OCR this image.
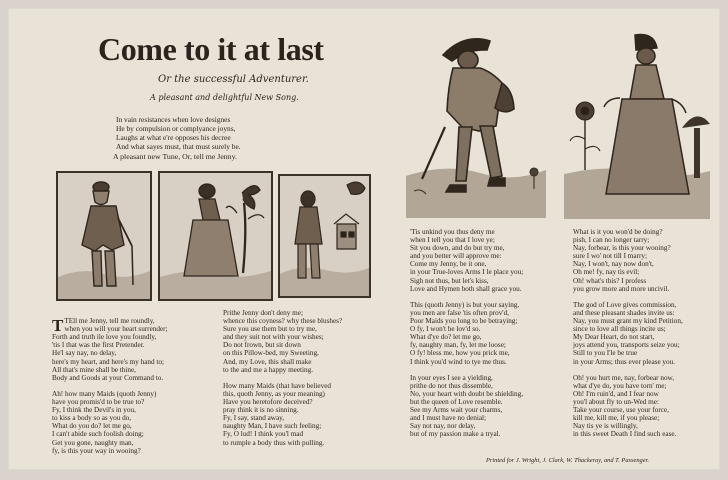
Come to it at last
Or the successful Adventurer.
A pleasant and delightful New Song.
In vain resistances when love designes
He by compulsion or complyance joyns,
Laughs at what e're opposes his decree
And what sayes must, that must surely be.
A pleasant new Tune, Or, tell me Jenny.

T TEll me Jenny, tell me roundly,
when you will your heart surrender;
Forth and truth ile love you foundly,
'tis I that was the first Pretender.
He'l say nay, no delay,
here's my heart, and here's my hand to;
All that's mine shall be thine,
Body and Goods at your Command to.

Ah! how many Maids (quoth Jenny)
have you promis'd to be true to?
Fy, I think the Devil's in you,
to kiss a body so as you do,
What do you do? let me go,
I can't abide such foolish doing;
Get you gone, naughty man,
fy, is this your way in wooing?

Prithe Jenny don't deny me;
whence this coyness? why these blushes?
Sure you use them but to try me,
and they suit not with your wishes;
Do not frown, but sit down
on this Pillow-bed, my Sweeting,
And, my Love, this shall make
to the and me a happy meeting.

How many Maids (that have believed
this, quoth Jenny, as your meaning)
Have you heretofore deceived?
pray think it is no sinning.
Fy, I say, stand away,
naughty Man, I have such feeling;
Fy, O lud! I think you'l mad
to rumple a body thus with pulling.
'Tis unkind you thus deny me
when I tell you that I love ye;
Sit you down, and do but try me,
and you better will approve me:
Come my Jenny, be it one,
in your True-loves Arms I le place you;
Sigh not thus, but let's kiss,
Love and Hymen both shall grace you.

This (quoth Jenny) is but your saying,
you men are false 'tis often prov'd,
Poor Maids you long to be betraying;
O fy, I won't be lov'd so.
What d'ye do? let me go,
fy, naughty man, fy, let me loose;
O fy! bless me, how you prick me,
I think you'd wind to tye me thus.

In your eyes I see a yielding,
prithe do not thus dissemble,
No, your heart with doubt be shielding,
but the queen of Love resemble.
See my Arms wait your charms,
and I must have no denial;
Say not nay, nor delay,
but of my passion make a tryal.
What is it you won'd be doing?
pish, I can no longer tarry;
Nay, forbear, is this your wooing?
sure I wo' not till I marry;
Nay, I won't, nay now don't,
Oh me! fy, nay tis evil;
Oh! what's this? I profess
you grow more and more uncivil.

The god of Love gives commission,
and these pleasant shades invite us:
Nay, you must grant my kind Petition,
since to love all things incite us;
My Dear Heart, do not start,
joys attend you, transports seize you;
Still to you I'le be true
in your Arms; thus ever please you.

Oh! you hurt me, nay, forbear now,
what d'ye do, you have torn' me;
Oh! I'm ruin'd, and I fear now
you'l about fly to un-Wed me:
Take your course, use your force,
kill me, kill me, if you please;
Nay tis ye is willingly,
in this sweet Death I find such ease.
Printed for J. Wright, J. Clark, W. Thackeray, and T. Passenger.
